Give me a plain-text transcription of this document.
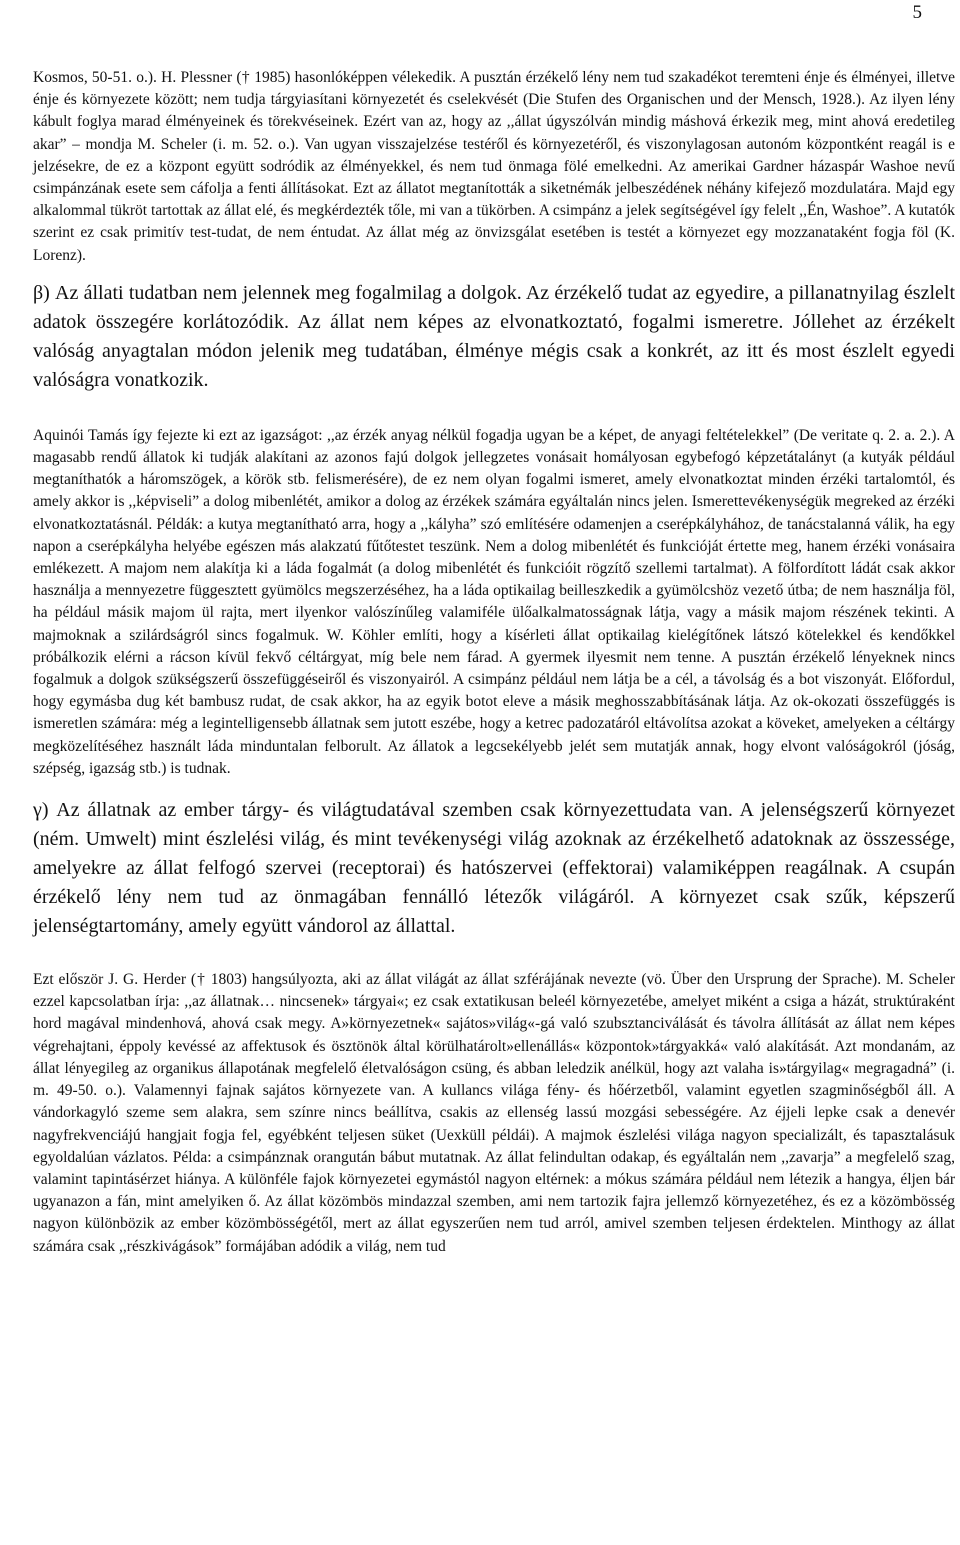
5

Kosmos, 50-51. o.). H. Plessner († 1985) hasonlóképpen vélekedik. A pusztán érzékelő lény nem tud szakadékot teremteni énje és élményei, illetve énje és környezete között; nem tudja tárgyiasítani környezetét és cselekvését (Die Stufen des Organischen und der Mensch, 1928.). Az ilyen lény kábult foglya marad élményeinek és törekvéseinek. Ezért van az, hogy az ,,állat úgyszólván mindig máshová érkezik meg, mint ahová eredetileg akar” – mondja M. Scheler (i. m. 52. o.). Van ugyan visszajelzése testéről és környezetéről, és viszonylagosan autonóm központként reagál is e jelzésekre, de ez a központ együtt sodródik az élményekkel, és nem tud önmaga fölé emelkedni. Az amerikai Gardner házaspár Washoe nevű csimpánzának esete sem cáfolja a fenti állításokat. Ezt az állatot megtanították a siketnémák jelbeszédének néhány kifejező mozdulatára. Majd egy alkalommal tükröt tartottak az állat elé, és megkérdezték tőle, mi van a tükörben. A csimpánz a jelek segítségével így felelt ,,Én, Washoe”. A kutatók szerint ez csak primitív test-tudat, de nem éntudat. Az állat még az önvizsgálat esetében is testét a környezet egy mozzanataként fogja föl (K. Lorenz).

β) Az állati tudatban nem jelennek meg fogalmilag a dolgok. Az érzékelő tudat az egyedire, a pillanatnyilag észlelt adatok összegére korlátozódik. Az állat nem képes az elvonatkoztató, fogalmi ismeretre. Jóllehet az érzékelt valóság anyagtalan módon jelenik meg tudatában, élménye mégis csak a konkrét, az itt és most észlelt egyedi valóságra vonatkozik.

Aquinói Tamás így fejezte ki ezt az igazságot: ,,az érzék anyag nélkül fogadja ugyan be a képet, de anyagi feltételekkel” (De veritate q. 2. a. 2.). A magasabb rendű állatok ki tudják alakítani az azonos fajú dolgok jellegzetes vonásait homályosan egybefogó képzetátalányt (a kutyák például megtaníthatók a háromszögek, a körök stb. felismerésére), de ez nem olyan fogalmi ismeret, amely elvonatkoztat minden érzéki tartalomtól, és amely akkor is ,,képviseli” a dolog mibenlétét, amikor a dolog az érzékek számára egyáltalán nincs jelen. Ismerettevékenységük megreked az érzéki elvonatkoztatásnál. Példák: a kutya megtanítható arra, hogy a ,,kályha” szó említésére odamenjen a cserépkályhához, de tanácstalanná válik, ha egy napon a cserépkályha helyébe egészen más alakzatú fűtőtestet teszünk. Nem a dolog mibenlétét és funkcióját értette meg, hanem érzéki vonásaira emlékezett. A majom nem alakítja ki a láda fogalmát (a dolog mibenlétét és funkcióit rögzítő szellemi tartalmat). A fölfordított ládát csak akkor használja a mennyezetre függesztett gyümölcs megszerzéséhez, ha a láda optikailag beilleszkedik a gyümölcshöz vezető útba; de nem használja föl, ha például másik majom ül rajta, mert ilyenkor valószínűleg valamiféle ülőalkalmatosságnak látja, vagy a másik majom részének tekinti. A majmoknak a szilárdságról sincs fogalmuk. W. Köhler említi, hogy a kísérleti állat optikailag kielégítőnek látszó kötelekkel és kendőkkel próbálkozik elérni a rácson kívül fekvő céltárgyat, míg bele nem fárad. A gyermek ilyesmit nem tenne. A pusztán érzékelő lényeknek nincs fogalmuk a dolgok szükségszerű összefüggéseiről és viszonyairól. A csimpánz például nem látja be a cél, a távolság és a bot viszonyát. Előfordul, hogy egymásba dug két bambusz rudat, de csak akkor, ha az egyik botot eleve a másik meghosszabbításának látja. Az ok-okozati összefüggés is ismeretlen számára: még a legintelligensebb állatnak sem jutott eszébe, hogy a ketrec padozatáról eltávolítsa azokat a köveket, amelyeken a céltárgy megközelítéséhez használt láda minduntalan felborult. Az állatok a legcsekélyebb jelét sem mutatják annak, hogy elvont valóságokról (jóság, szépség, igazság stb.) is tudnak.

γ) Az állatnak az ember tárgy- és világtudatával szemben csak környezettudata van. A jelenségszerű környezet (ném. Umwelt) mint észlelési világ, és mint tevékenységi világ azoknak az érzékelhető adatoknak az összessége, amelyekre az állat felfogó szervei (receptorai) és hatószervei (effektorai) valamiképpen reagálnak. A csupán érzékelő lény nem tud az önmagában fennálló létezők világáról. A környezet csak szűk, képszerű jelenségtartomány, amely együtt vándorol az állattal.

Ezt először J. G. Herder († 1803) hangsúlyozta, aki az állat világát az állat szférájának nevezte (vö. Über den Ursprung der Sprache). M. Scheler ezzel kapcsolatban írja: ,,az állatnak… nincsenek» tárgyai«; ez csak extatikusan beleél környezetébe, amelyet miként a csiga a házát, struktúraként hord magával mindenhová, ahová csak megy. A»környezetnek« sajátos»világ«-gá való szubsztanciválását és távolra állítását az állat nem képes végrehajtani, éppoly kevéssé az affektusok és ösztönök által körülhatárolt»ellenállás« központok»tárgyakká« való alakítását. Azt mondanám, az állat lényegileg az organikus állapotának megfelelő életvalóságon csüng, és abban leledzik anélkül, hogy azt valaha is»tárgyilag« megragadná” (i. m. 49-50. o.). Valamennyi fajnak sajátos környezete van. A kullancs világa fény- és hőérzetből, valamint egyetlen szagminőségből áll. A vándorkagyló szeme sem alakra, sem színre nincs beállítva, csakis az ellenség lassú mozgási sebességére. Az éjjeli lepke csak a denevér nagyfrekvenciájú hangjait fogja fel, egyébként teljesen süket (Uexküll példái). A majmok észlelési világa nagyon specializált, és tapasztalásuk egyoldalúan vázlatos. Példa: a csimpánznak orangután bábut mutatnak. Az állat felindultan odakap, és egyáltalán nem ,,zavarja” a megfelelő szag, valamint tapintásérzet hiánya. A különféle fajok környezetei egymástól nagyon eltérnek: a mókus számára például nem létezik a hangya, éljen bár ugyanazon a fán, mint amelyiken ő. Az állat közömbös mindazzal szemben, ami nem tartozik fajra jellemző környezetéhez, és ez a közömbösség nagyon különbözik az ember közömbösségétől, mert az állat egyszerűen nem tud arról, amivel szemben teljesen érdektelen. Minthogy az állat számára csak ,,részkivágások” formájában adódik a világ, nem tud
